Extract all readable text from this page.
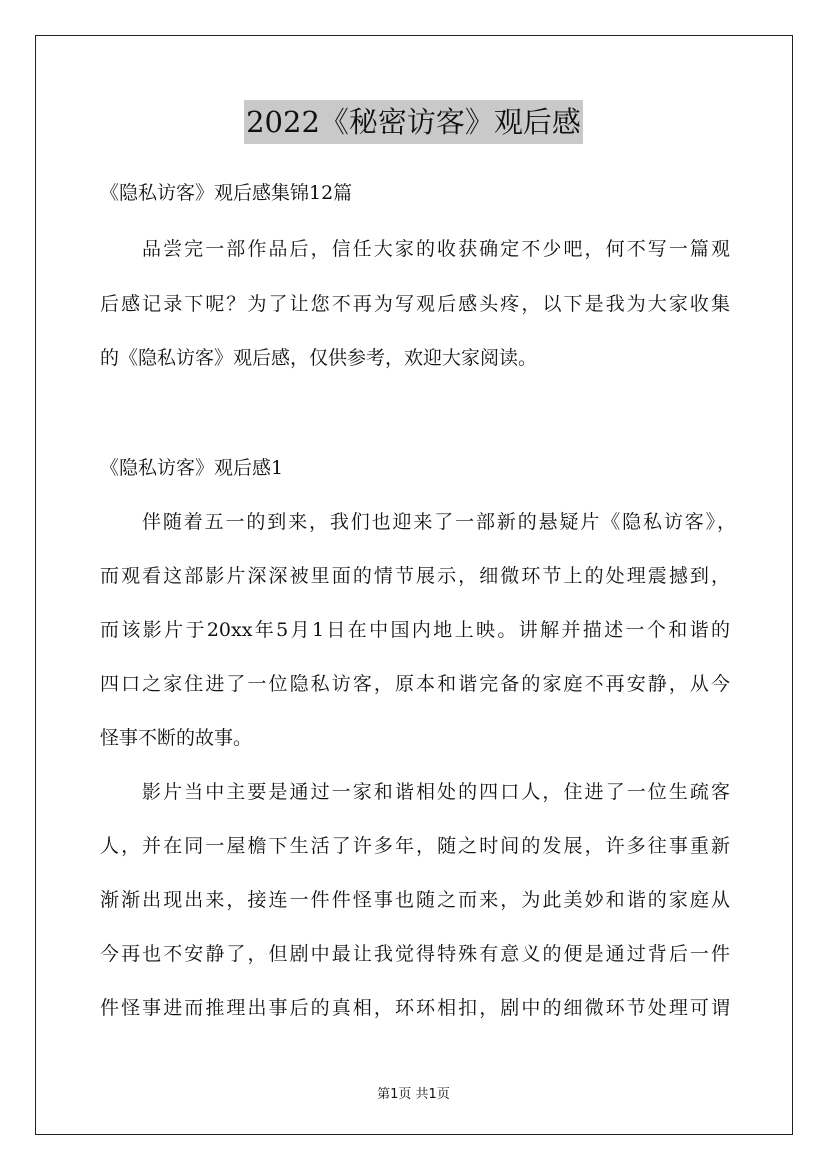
2022《秘密访客》观后感
《隐私访客》观后感集锦12篇
品尝完一部作品后，信任大家的收获确定不少吧，何不写一篇观
后感记录下呢？为了让您不再为写观后感头疼，以下是我为大家收集
的《隐私访客》观后感，仅供参考，欢迎大家阅读。
《隐私访客》观后感1
伴随着五一的到来，我们也迎来了一部新的悬疑片《隐私访客》，
而观看这部影片深深被里面的情节展示，细微环节上的处理震撼到，
而该影片于20xx年5月1日在中国内地上映。讲解并描述一个和谐的
四口之家住进了一位隐私访客，原本和谐完备的家庭不再安静，从今
怪事不断的故事。
影片当中主要是通过一家和谐相处的四口人，住进了一位生疏客
人，并在同一屋檐下生活了许多年，随之时间的发展，许多往事重新
渐渐出现出来，接连一件件怪事也随之而来，为此美妙和谐的家庭从
今再也不安静了，但剧中最让我觉得特殊有意义的便是通过背后一件
件怪事进而推理出事后的真相，环环相扣，剧中的细微环节处理可谓
第1页 共1页
